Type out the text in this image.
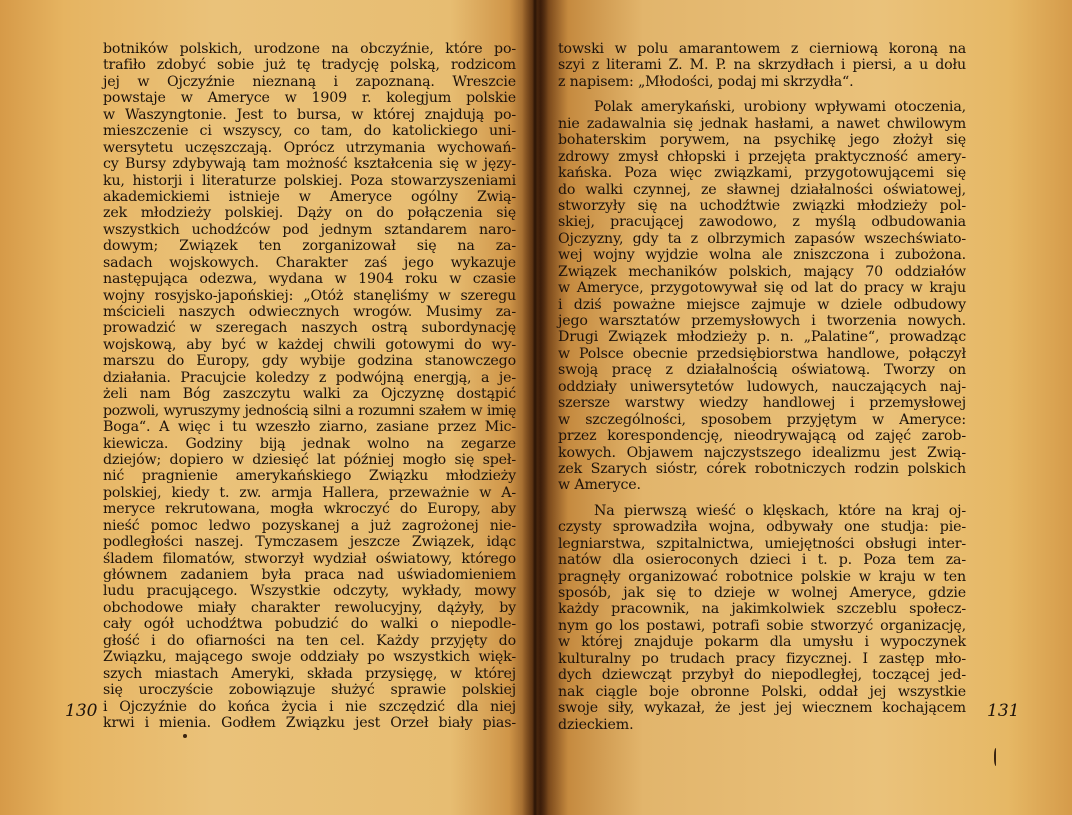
botników polskich, urodzone na obczyźnie, które po-
trafiło zdobyć sobie już tę tradycję polską, rodzicom
jej w Ojczyźnie nieznaną i zapoznaną. Wreszcie
powstaje w Ameryce w 1909 r. kolegjum polskie
w Waszyngtonie. Jest to bursa, w której znajdują po-
mieszczenie ci wszyscy, co tam, do katolickiego uni-
wersytetu uczęszczają. Oprócz utrzymania wychowań-
cy Bursy zdybywają tam możność kształcenia się w języ-
ku, historji i literaturze polskiej. Poza stowarzyszeniami
akademickiemi istnieje w Ameryce ogólny Zwią-
zek młodzieży polskiej. Dąży on do połączenia się
wszystkich uchodźców pod jednym sztandarem naro-
dowym; Związek ten zorganizował się na za-
sadach wojskowych. Charakter zaś jego wykazuje
następująca odezwa, wydana w 1904 roku w czasie
wojny rosyjsko-japońskiej: „Otóż stanęliśmy w szeregu
mścicieli naszych odwiecznych wrogów. Musimy za-
prowadzić w szeregach naszych ostrą subordynację
wojskową, aby być w każdej chwili gotowymi do wy-
marszu do Europy, gdy wybije godzina stanowczego
działania. Pracujcie koledzy z podwójną energją, a je-
żeli nam Bóg zaszczytu walki za Ojczyznę dostąpić
pozwoli, wyruszymy jednością silni a rozumni szałem w imię
Boga“. A więc i tu wzeszło ziarno, zasiane przez Mic-
kiewicza. Godziny biją jednak wolno na zegarze
dziejów; dopiero w dziesięć lat później mogło się speł-
nić pragnienie amerykańskiego Związku młodzieży
polskiej, kiedy t. zw. armja Hallera, przeważnie w A-
meryce rekrutowana, mogła wkroczyć do Europy, aby
nieść pomoc ledwo pozyskanej a już zagrożonej nie-
podległości naszej. Tymczasem jeszcze Związek, idąc
śladem filomatów, stworzył wydział oświatowy, którego
głównem zadaniem była praca nad uświadomieniem
ludu pracującego. Wszystkie odczyty, wykłady, mowy
obchodowe miały charakter rewolucyjny, dążyły, by
cały ogół uchodźtwa pobudzić do walki o niepodle-
głość i do ofiarności na ten cel. Każdy przyjęty do
Związku, mającego swoje oddziały po wszystkich więk-
szych miastach Ameryki, składa przysięgę, w której
się uroczyście zobowiązuje służyć sprawie polskiej
i Ojczyźnie do końca życia i nie szczędzić dla niej
krwi i mienia. Godłem Związku jest Orzeł biały pias-
130
towski w polu amarantowem z cierniową koroną na
szyi z literami Z. M. P. na skrzydłach i piersi, a u dołu
z napisem: „Młodości, podaj mi skrzydła“.
Polak amerykański, urobiony wpływami otoczenia,
nie zadawalnia się jednak hasłami, a nawet chwilowym
bohaterskim porywem, na psychikę jego złożył się
zdrowy zmysł chłopski i przejęta praktyczność amery-
kańska. Poza więc związkami, przygotowującemi się
do walki czynnej, ze sławnej działalności oświatowej,
stworzyły się na uchodźtwie związki młodzieży pol-
skiej, pracującej zawodowo, z myślą odbudowania
Ojczyzny, gdy ta z olbrzymich zapasów wszechświato-
wej wojny wyjdzie wolna ale zniszczona i zubożona.
Związek mechaników polskich, mający 70 oddziałów
w Ameryce, przygotowywał się od lat do pracy w kraju
i dziś poważne miejsce zajmuje w dziele odbudowy
jego warsztatów przemysłowych i tworzenia nowych.
Drugi Związek młodzieży p. n. „Palatine“, prowadząc
w Polsce obecnie przedsiębiorstwa handlowe, połączył
swoją pracę z działalnością oświatową. Tworzy on
oddziały uniwersytetów ludowych, nauczających naj-
szersze warstwy wiedzy handlowej i przemysłowej
w szczególności, sposobem przyjętym w Ameryce:
przez korespondencję, nieodrywającą od zajęć zarob-
kowych. Objawem najczystszego idealizmu jest Zwią-
zek Szarych sióstr, córek robotniczych rodzin polskich
w Ameryce.
Na pierwszą wieść o klęskach, które na kraj oj-
czysty sprowadziła wojna, odbywały one studja: pie-
legniarstwa, szpitalnictwa, umiejętności obsługi inter-
natów dla osieroconych dzieci i t. p. Poza tem za-
pragnęły organizować robotnice polskie w kraju w ten
sposób, jak się to dzieje w wolnej Ameryce, gdzie
każdy pracownik, na jakimkolwiek szczeblu społecz-
nym go los postawi, potrafi sobie stworzyć organizację,
w której znajduje pokarm dla umysłu i wypoczynek
kulturalny po trudach pracy fizycznej. I zastęp mło-
dych dziewcząt przybył do niepodległej, toczącej jed-
nak ciągle boje obronne Polski, oddał jej wszystkie
swoje siły, wykazał, że jest jej wiecznem kochającem
dzieckiem.
131
